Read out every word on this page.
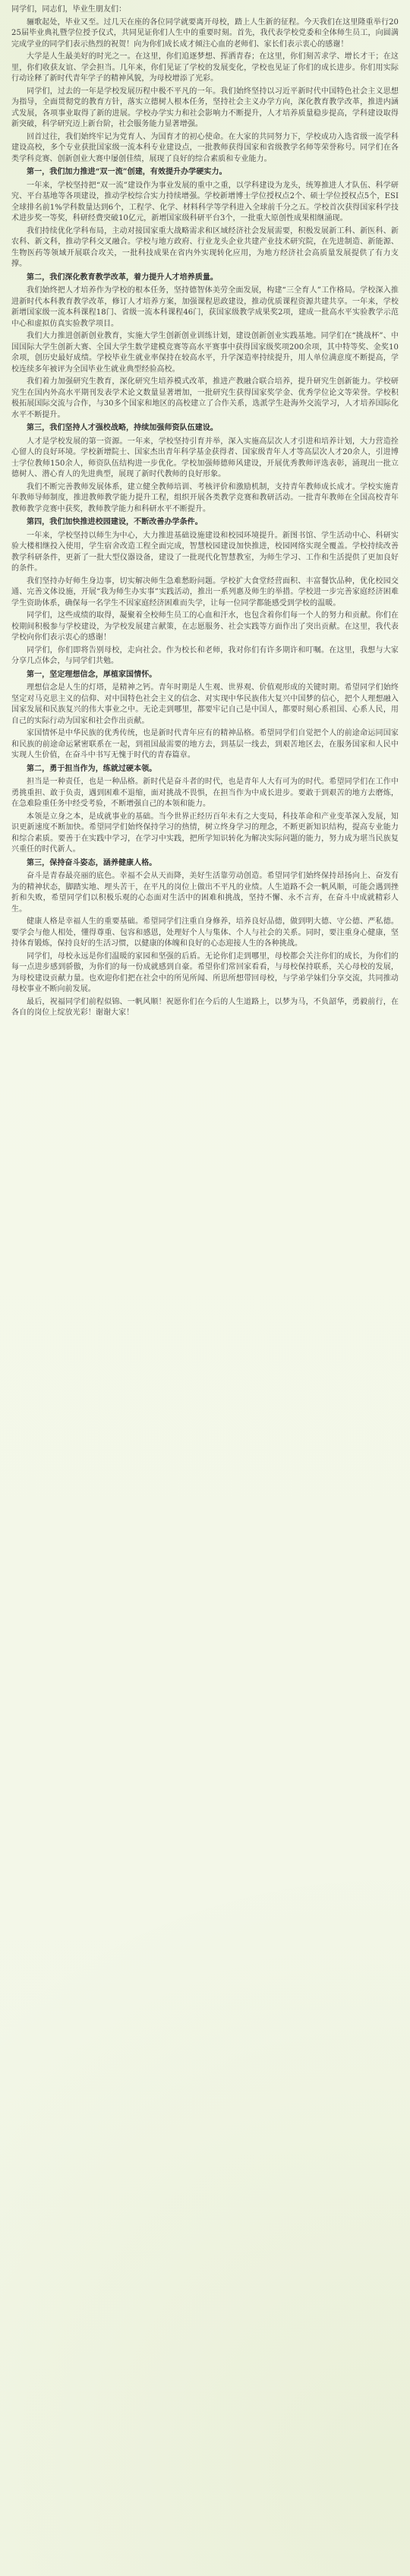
同学们，同志们，毕业生朋友们：

骊歌起处，毕业又至。过几天在座的各位同学就要离开母校，踏上人生新的征程。今天我们在这里隆重举行2025届毕业典礼暨学位授予仪式，共同见证你们人生中的重要时刻。首先，我代表学校党委和全体师生员工，向圆满完成学业的同学们表示热烈的祝贺！向为你们成长成才倾注心血的老师们、家长们表示衷心的感谢！

大学是人生最美好的时光之一。在这里，你们追逐梦想、挥洒青春；在这里，你们刻苦求学、增长才干；在这里，你们收获友谊、学会担当。几年来，你们见证了学校的发展变化，学校也见证了你们的成长进步。你们用实际行动诠释了新时代青年学子的精神风貌，为母校增添了光彩。

同学们，过去的一年是学校发展历程中极不平凡的一年。我们始终坚持以习近平新时代中国特色社会主义思想为指导，全面贯彻党的教育方针，落实立德树人根本任务，坚持社会主义办学方向，深化教育教学改革，推进内涵式发展，各项事业取得了新的进展。学校办学实力和社会影响力不断提升，人才培养质量稳步提高，学科建设取得新突破，科学研究迈上新台阶，社会服务能力显著增强。

回首过往，我们始终牢记为党育人、为国育才的初心使命。在大家的共同努力下，学校成功入选省级一流学科建设高校，多个专业获批国家级一流本科专业建设点，一批教师获得国家和省级教学名师等荣誉称号。同学们在各类学科竞赛、创新创业大赛中屡创佳绩，展现了良好的综合素质和专业能力。

第一，我们加力推进“双一流”创建，有效提升办学硬实力。

一年来，学校坚持把“双一流”建设作为事业发展的重中之重，以学科建设为龙头，统筹推进人才队伍、科学研究、平台基地等各项建设，推动学校综合实力持续增强。学校新增博士学位授权点2个、硕士学位授权点5个，ESI全球排名前1%学科数量达到6个，工程学、化学、材料科学等学科进入全球前千分之五。学校首次获得国家科学技术进步奖一等奖，科研经费突破10亿元，新增国家级科研平台3个，一批重大原创性成果相继涌现。

我们持续优化学科布局，主动对接国家重大战略需求和区域经济社会发展需要，积极发展新工科、新医科、新农科、新文科，推动学科交叉融合。学校与地方政府、行业龙头企业共建产业技术研究院，在先进制造、新能源、生物医药等领域开展联合攻关，一批科技成果在省内外实现转化应用，为地方经济社会高质量发展提供了有力支撑。

第二，我们深化教育教学改革，着力提升人才培养质量。

我们始终把人才培养作为学校的根本任务，坚持德智体美劳全面发展，构建“三全育人”工作格局。学校深入推进新时代本科教育教学改革，修订人才培养方案，加强课程思政建设，推动优质课程资源共建共享。一年来，学校新增国家级一流本科课程18门、省级一流本科课程46门，获国家级教学成果奖2项，建成一批高水平实验教学示范中心和虚拟仿真实验教学项目。

我们大力推进创新创业教育，实施大学生创新创业训练计划，建设创新创业实践基地。同学们在“挑战杯”、中国国际大学生创新大赛、全国大学生数学建模竞赛等高水平赛事中获得国家级奖项200余项，其中特等奖、金奖10余项，创历史最好成绩。学校毕业生就业率保持在较高水平，升学深造率持续提升，用人单位满意度不断提高，学校连续多年被评为全国毕业生就业典型经验高校。

我们着力加强研究生教育，深化研究生培养模式改革，推进产教融合联合培养，提升研究生创新能力。学校研究生在国内外高水平期刊发表学术论文数量显著增加，一批研究生获得国家奖学金、优秀学位论文等荣誉。学校积极拓展国际交流与合作，与30多个国家和地区的高校建立了合作关系，选派学生赴海外交流学习，人才培养国际化水平不断提升。

第三，我们坚持人才强校战略，持续加强师资队伍建设。

人才是学校发展的第一资源。一年来，学校坚持引育并举，深入实施高层次人才引进和培养计划，大力营造拴心留人的良好环境。学校新增院士、国家杰出青年科学基金获得者、国家级青年人才等高层次人才20余人，引进博士学位教师150余人，师资队伍结构进一步优化。学校加强师德师风建设，开展优秀教师评选表彰，涌现出一批立德树人、潜心育人的先进典型，展现了新时代教师的良好形象。

我们不断完善教师发展体系，建立健全教师培训、考核评价和激励机制，支持青年教师成长成才。学校实施青年教师导师制度，推进教师教学能力提升工程，组织开展各类教学竞赛和教研活动。一批青年教师在全国高校青年教师教学竞赛中获奖，教师教学能力和科研水平不断提升。

第四，我们加快推进校园建设，不断改善办学条件。

一年来，学校坚持以师生为中心，大力推进基础设施建设和校园环境提升。新图书馆、学生活动中心、科研实验大楼相继投入使用，学生宿舍改造工程全面完成，智慧校园建设加快推进，校园网络实现全覆盖。学校持续改善教学科研条件，更新了一批大型仪器设备，建设了一批现代化智慧教室，为师生学习、工作和生活提供了更加良好的条件。

我们坚持办好师生身边事，切实解决师生急难愁盼问题。学校扩大食堂经营面积、丰富餐饮品种，优化校园交通、完善文体设施，开展“我为师生办实事”实践活动，推出一系列惠及师生的举措。学校进一步完善家庭经济困难学生资助体系，确保每一名学生不因家庭经济困难而失学，让每一位同学都能感受到学校的温暖。

同学们，这些成绩的取得，凝聚着全校师生员工的心血和汗水，也包含着你们每一个人的努力和贡献。你们在校期间积极参与学校建设，为学校发展建言献策，在志愿服务、社会实践等方面作出了突出贡献。在这里，我代表学校向你们表示衷心的感谢！

同学们，你们即将告别母校，走向社会。作为校长和老师，我对你们有许多期许和叮嘱。在这里，我想与大家分享几点体会，与同学们共勉。

第一，坚定理想信念，厚植家国情怀。

理想信念是人生的灯塔，是精神之钙。青年时期是人生观、世界观、价值观形成的关键时期。希望同学们始终坚定对马克思主义的信仰、对中国特色社会主义的信念、对实现中华民族伟大复兴中国梦的信心，把个人理想融入国家发展和民族复兴的伟大事业之中。无论走到哪里，都要牢记自己是中国人，都要时刻心系祖国、心系人民，用自己的实际行动为国家和社会作出贡献。

家国情怀是中华民族的优秀传统，也是新时代青年应有的精神品格。希望同学们自觉把个人的前途命运同国家和民族的前途命运紧密联系在一起，到祖国最需要的地方去，到基层一线去，到艰苦地区去，在服务国家和人民中实现人生价值，在奋斗中书写无愧于时代的青春篇章。

第二，勇于担当作为，练就过硬本领。

担当是一种责任，也是一种品格。新时代是奋斗者的时代，也是青年人大有可为的时代。希望同学们在工作中勇挑重担、敢于负责，遇到困难不退缩，面对挑战不畏惧，在担当作为中成长进步。要敢于到艰苦的地方去磨炼，在急难险重任务中经受考验，不断增强自己的本领和能力。

本领是立身之本，是成就事业的基础。当今世界正经历百年未有之大变局，科技革命和产业变革深入发展，知识更新速度不断加快。希望同学们始终保持学习的热情，树立终身学习的理念，不断更新知识结构，提高专业能力和综合素质。要善于在实践中学习，在学习中实践，把所学知识转化为解决实际问题的能力，努力成为堪当民族复兴重任的时代新人。

第三，保持奋斗姿态，涵养健康人格。

奋斗是青春最亮丽的底色。幸福不会从天而降，美好生活靠劳动创造。希望同学们始终保持昂扬向上、奋发有为的精神状态，脚踏实地、埋头苦干，在平凡的岗位上做出不平凡的业绩。人生道路不会一帆风顺，可能会遇到挫折和失败，希望同学们以积极乐观的心态面对生活中的困难和挑战，坚持不懈、永不言弃，在奋斗中成就精彩人生。

健康人格是幸福人生的重要基础。希望同学们注重自身修养，培养良好品德，做到明大德、守公德、严私德。要学会与他人相处，懂得尊重、包容和感恩，处理好个人与集体、个人与社会的关系。同时，要注重身心健康，坚持体育锻炼，保持良好的生活习惯，以健康的体魄和良好的心态迎接人生的各种挑战。

同学们，母校永远是你们温暖的家园和坚强的后盾。无论你们走到哪里，母校都会关注你们的成长，为你们的每一点进步感到骄傲，为你们的每一份成就感到自豪。希望你们常回家看看，与母校保持联系，关心母校的发展，为母校建设贡献力量。也欢迎你们把在社会中的所见所闻、所思所想带回母校，与学弟学妹们分享交流，共同推动母校事业不断向前发展。

最后，祝福同学们前程似锦、一帆风顺！祝愿你们在今后的人生道路上，以梦为马，不负韶华，勇毅前行，在各自的岗位上绽放光彩！谢谢大家！
